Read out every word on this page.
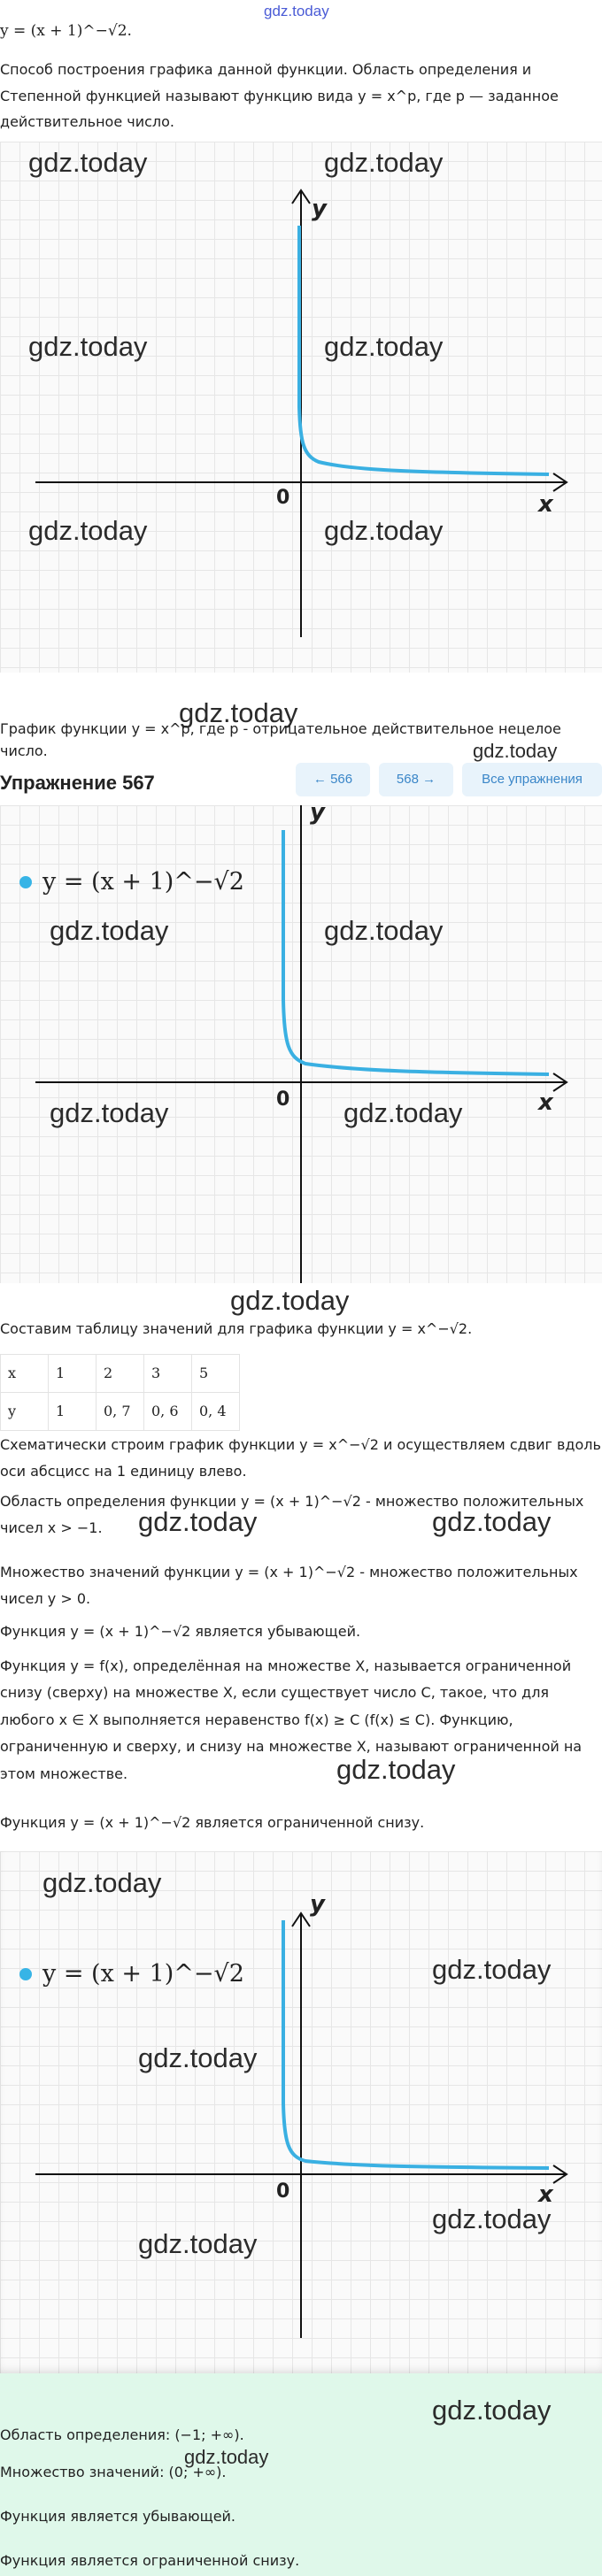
gdz.today
y = (x + 1)^−√2.
Способ построения графика данной функции. Область определения и Степенной функцией называют функцию вида y = x^p, где p — заданное действительное число.
y
x
0
gdz.today	gdz.today
gdz.today	gdz.today
gdz.today	gdz.today
gdz.today
График функции y = x^p, где p - отрицательное действительное нецелое число.	gdz.today
Упражнение 567	← 566	568 →	Все упражнения
y = (x + 1)^−√2
y
x
0
gdz.today	gdz.today
gdz.today	gdz.today
gdz.today
Составим таблицу значений для графика функции y = x^−√2.
x	1	2	3	5
y	1	0, 7	0, 6	0, 4
Схематически строим график функции y = x^−√2 и осуществляем сдвиг вдоль оси абсцисс на 1 единицу влево.
Область определения функции y = (x + 1)^−√2 - множество положительных чисел x > −1.	gdz.today	gdz.today
Множество значений функции y = (x + 1)^−√2 - множество положительных чисел y > 0.
Функция y = (x + 1)^−√2 является убывающей.
Функция y = f(x), определённая на множестве X, называется ограниченной снизу (сверху) на множестве X, если существует число C, такое, что для любого x ∈ X выполняется неравенство f(x) ≥ C (f(x) ≤ C). Функцию, ограниченную и сверху, и снизу на множестве X, называют ограниченной на этом множестве.	gdz.today
Функция y = (x + 1)^−√2 является ограниченной снизу.
y = (x + 1)^−√2
y
x
0
gdz.today
gdz.today
gdz.today
gdz.today
gdz.today
gdz.today
Область определения: (−1; +∞).
gdz.today
Множество значений: (0; +∞).
Функция является убывающей.
Функция является ограниченной снизу.
